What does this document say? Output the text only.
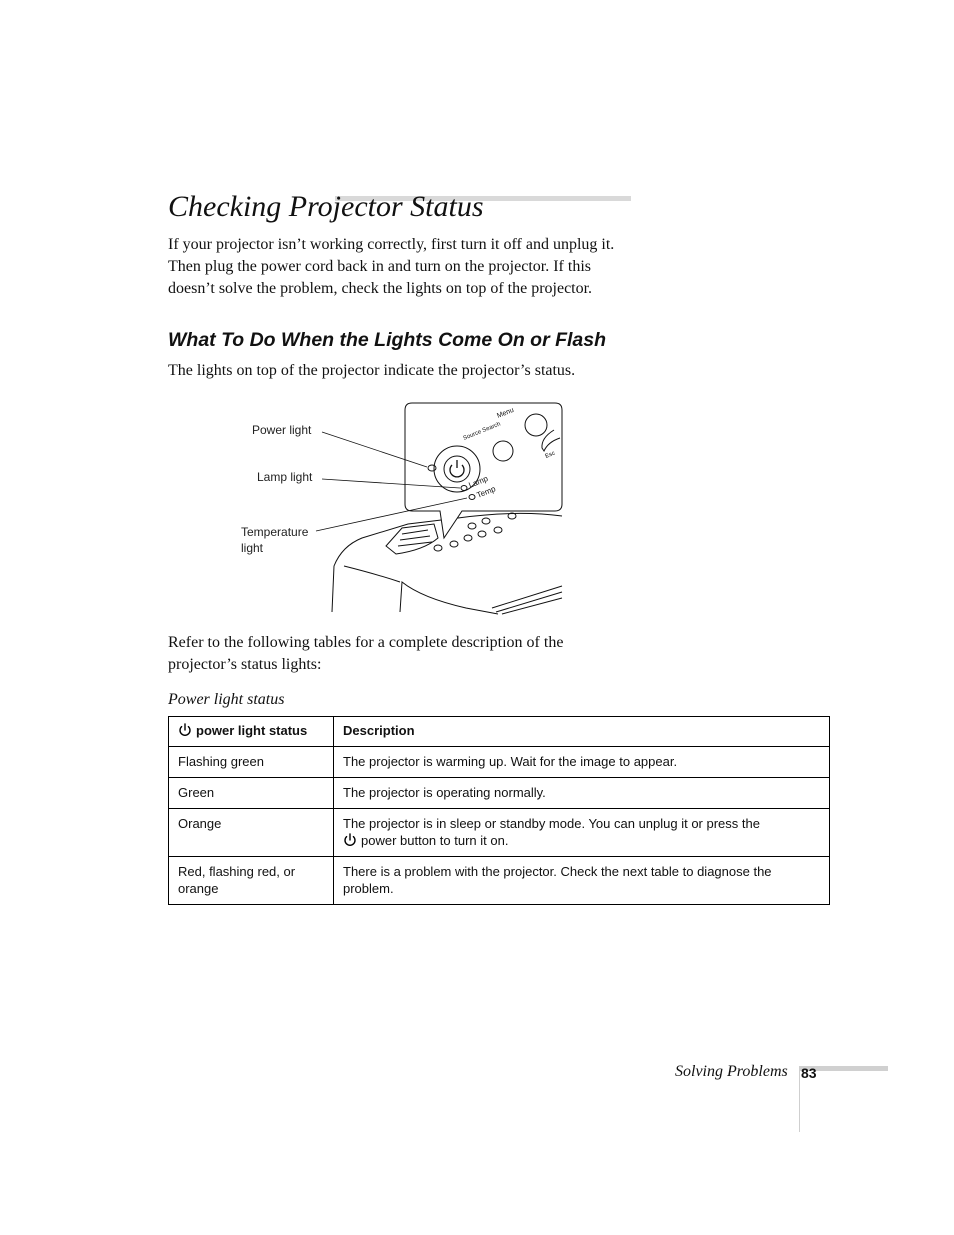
Checking Projector Status

If your projector isn’t working correctly, first turn it off and unplug it.
Then plug the power cord back in and turn on the projector. If this
doesn’t solve the problem, check the lights on top of the projector.

What To Do When the Lights Come On or Flash

The lights on top of the projector indicate the projector’s status.

Menu
Source Search
Esc
Lamp
Temp
Power light
Lamp light
Temperature
light

Refer to the following tables for a complete description of the
projector’s status lights:

Power light status

power light status	Description
Flashing green	The projector is warming up. Wait for the image to appear.
Green	The projector is operating normally.
Orange	The projector is in sleep or standby mode. You can unplug it or press the
power button to turn it on.
Red, flashing red, or orange	There is a problem with the projector. Check the next table to diagnose the problem.
Solving Problems 83
